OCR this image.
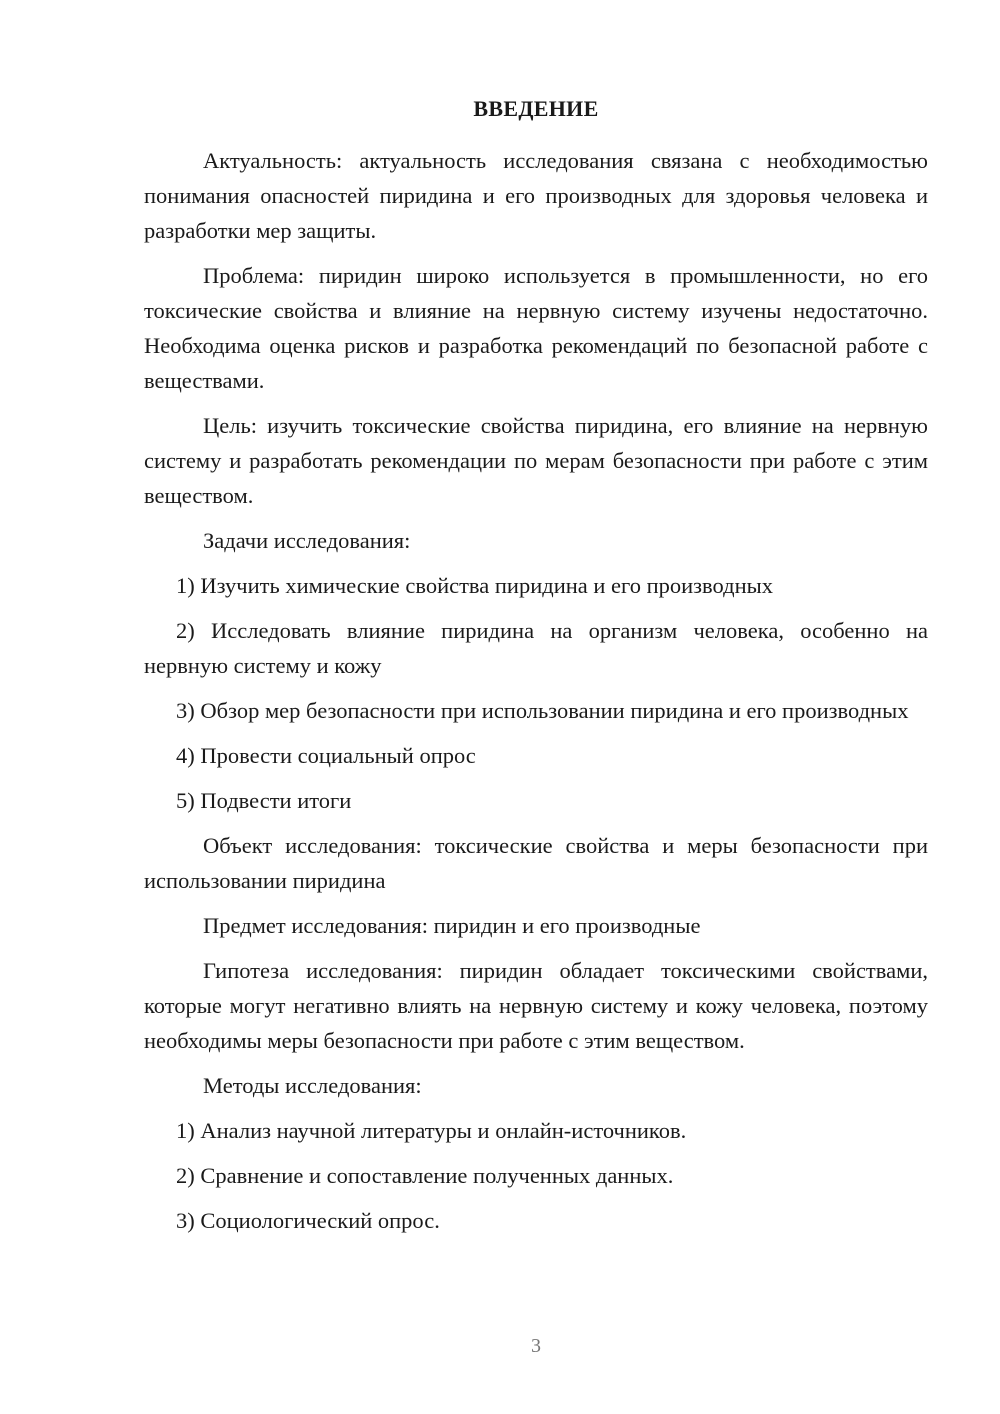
ВВЕДЕНИЕ

Актуальность: актуальность исследования связана с необходимостью понимания опасностей пиридина и его производных для здоровья человека и разработки мер защиты.

Проблема: пиридин широко используется в промышленности, но его токсические свойства и влияние на нервную систему изучены недостаточно. Необходима оценка рисков и разработка рекомендаций по безопасной работе с веществами.

Цель: изучить токсические свойства пиридина, его влияние на нервную систему и разработать рекомендации по мерам безопасности при работе с этим веществом.

Задачи исследования:

1) Изучить химические свойства пиридина и его производных

2) Исследовать влияние пиридина на организм человека, особенно на нервную систему и кожу

3) Обзор мер безопасности при использовании пиридина и его производных

4) Провести социальный опрос

5) Подвести итоги

Объект исследования: токсические свойства и меры безопасности при использовании пиридина

Предмет исследования: пиридин и его производные

Гипотеза исследования: пиридин обладает токсическими свойствами, которые могут негативно влиять на нервную систему и кожу человека, поэтому необходимы меры безопасности при работе с этим веществом.

Методы исследования:

1) Анализ научной литературы и онлайн-источников.

2) Сравнение и сопоставление полученных данных.

3) Социологический опрос.

3
